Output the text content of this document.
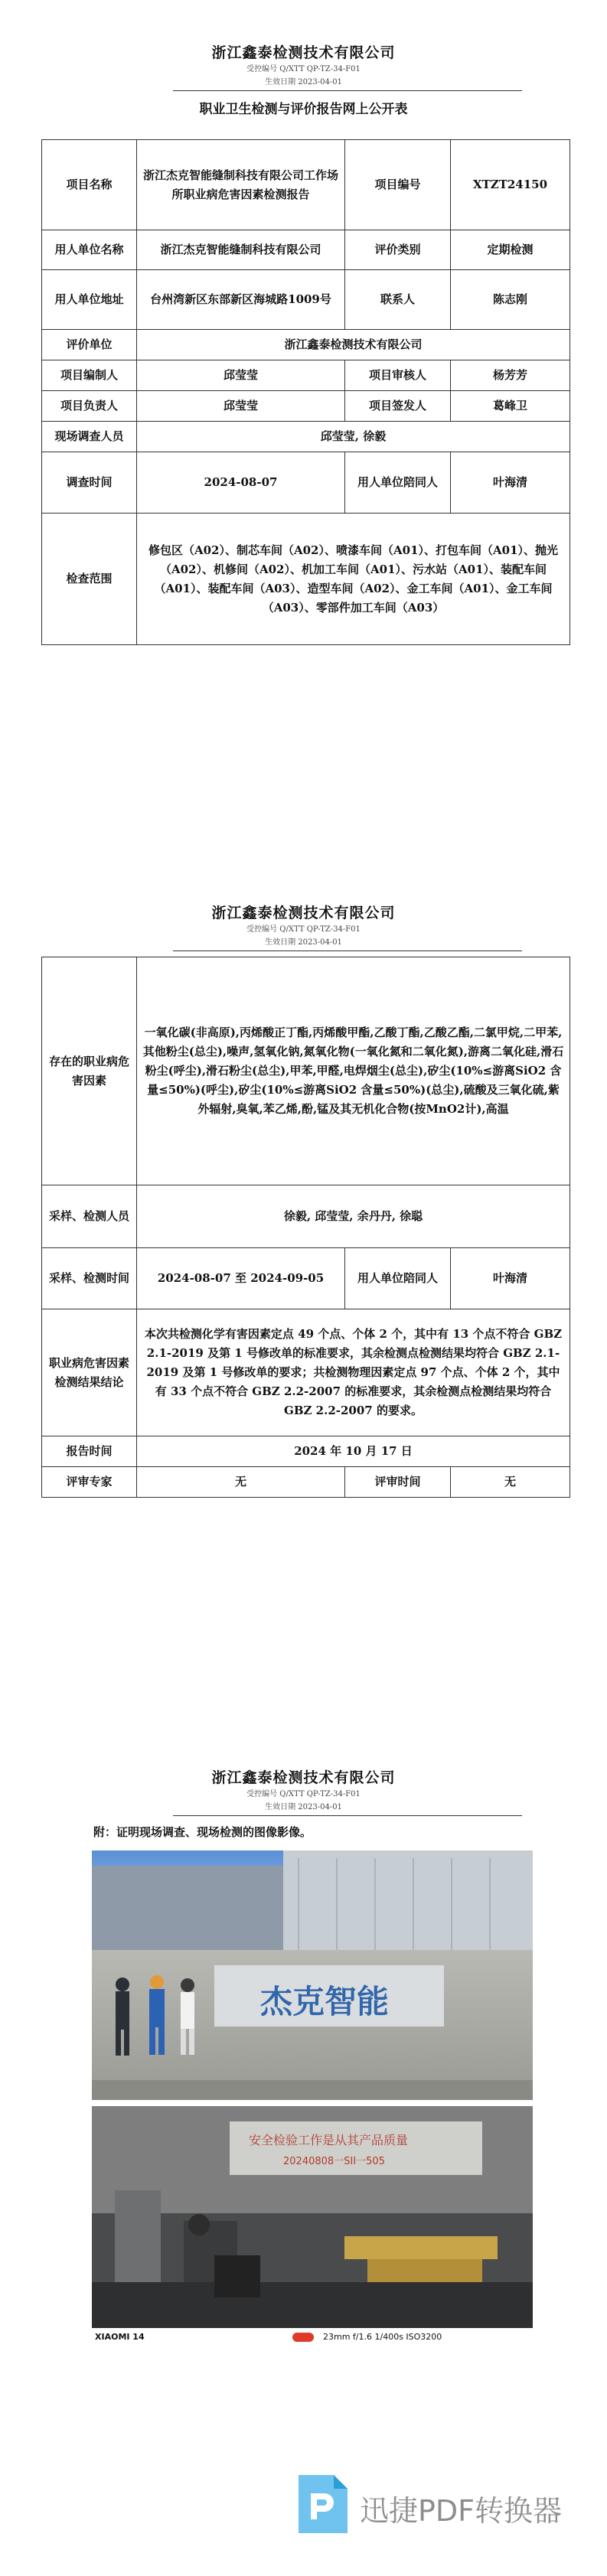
浙江鑫泰检测技术有限公司
受控编号 Q/XTT QP-TZ-34-F01
生效日期 2023-04-01
职业卫生检测与评价报告网上公开表
项目名称	浙江杰克智能缝制科技有限公司工作场所职业病危害因素检测报告	项目编号	XTZT24150
用人单位名称	浙江杰克智能缝制科技有限公司	评价类别	定期检测
用人单位地址	台州湾新区东部新区海城路1009号	联系人	陈志刚
评价单位	浙江鑫泰检测技术有限公司		
项目编制人	邱莹莹	项目审核人	杨芳芳
项目负责人	邱莹莹	项目签发人	葛峰卫
现场调查人员	邱莹莹, 徐毅		
调查时间	2024-08-07	用人单位陪同人	叶海清
检查范围	修包区（A02）、制芯车间（A02）、喷漆车间（A01）、打包车间（A01）、抛光（A02）、机修间（A02）、机加工车间（A01）、污水站（A01）、装配车间（A01）、装配车间（A03）、造型车间（A02）、金工车间（A01）、金工车间（A03）、零部件加工车间（A03）		
浙江鑫泰检测技术有限公司
受控编号 Q/XTT QP-TZ-34-F01
生效日期 2023-04-01
存在的职业病危害因素	一氧化碳(非高原),丙烯酸正丁酯,丙烯酸甲酯,乙酸丁酯,乙酸乙酯,二氯甲烷,二甲苯,其他粉尘(总尘),噪声,氢氧化钠,氮氧化物(一氧化氮和二氧化氮),游离二氧化硅,滑石粉尘(呼尘),滑石粉尘(总尘),甲苯,甲醛,电焊烟尘(总尘),矽尘(10%≤游离SiO2 含量≤50%)(呼尘),矽尘(10%≤游离SiO2 含量≤50%)(总尘),硫酸及三氧化硫,紫外辐射,臭氧,苯乙烯,酚,锰及其无机化合物(按MnO2计),高温		
采样、检测人员	徐毅, 邱莹莹, 余丹丹, 徐聪		
采样、检测时间	2024-08-07 至 2024-09-05	用人单位陪同人	叶海清
职业病危害因素检测结果结论	本次共检测化学有害因素定点 49 个点、个体 2 个，其中有 13 个点不符合 GBZ 2.1-2019 及第 1 号修改单的标准要求，其余检测点检测结果均符合 GBZ 2.1-2019 及第 1 号修改单的要求；共检测物理因素定点 97 个点、个体 2 个，其中有 33 个点不符合 GBZ 2.2-2007 的标准要求，其余检测点检测结果均符合 GBZ 2.2-2007 的要求。		
报告时间	2024 年 10 月 17 日		
评审专家	无	评审时间	无
浙江鑫泰检测技术有限公司
受控编号 Q/XTT QP-TZ-34-F01
生效日期 2023-04-01
附：证明现场调查、现场检测的图像影像。
杰克智能
安全检验工作是从其产品质量
20240808一SII一505
XIAOMI 14	23mm f/1.6 1/400s ISO3200
迅捷PDF转换器
